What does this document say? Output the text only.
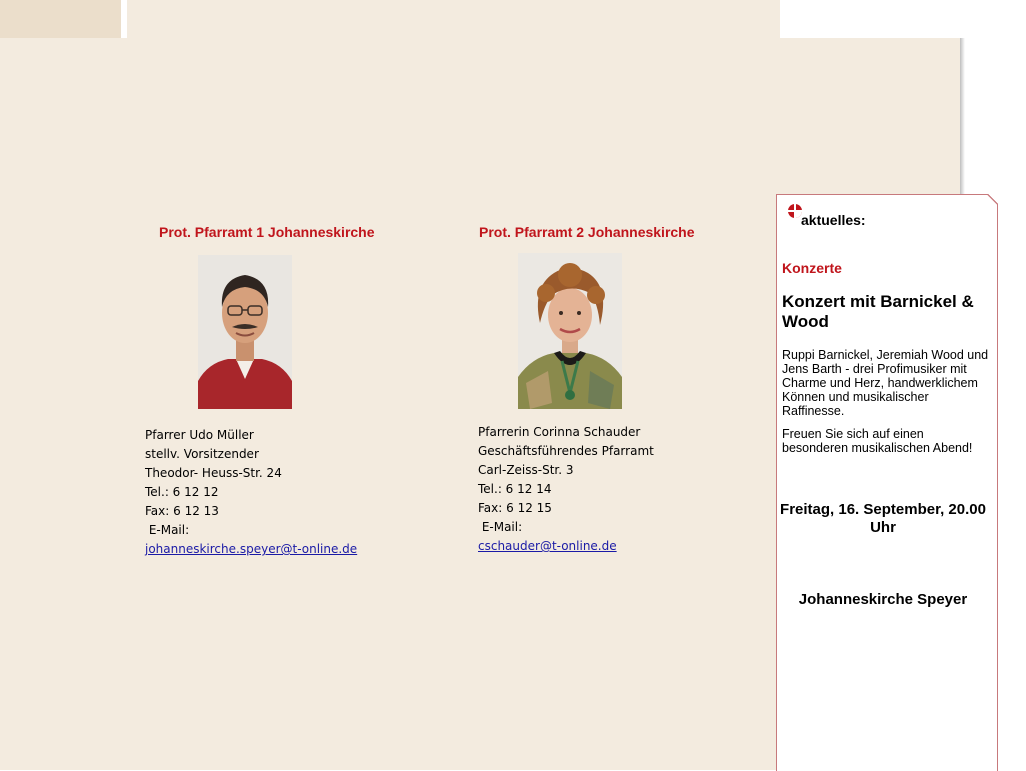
Prot. Pfarramt 1 Johanneskirche
Pfarrer Udo Müller
stellv. Vorsitzender
Theodor- Heuss-Str. 24
Tel.: 6 12 12
Fax: 6 12 13
E-Mail:
johanneskirche.speyer@t-online.de
Prot. Pfarramt 2 Johanneskirche
Pfarrerin Corinna Schauder
Geschäftsführendes Pfarramt
Carl-Zeiss-Str. 3
Tel.: 6 12 14
Fax: 6 12 15
E-Mail:
cschauder@t-online.de
aktuelles:
Konzerte
Konzert mit Barnickel & Wood
Ruppi Barnickel, Jeremiah Wood und Jens Barth - drei Profimusiker mit Charme und Herz, handwerklichem Können und musikalischer Raffinesse.
Freuen Sie sich auf einen besonderen musikalischen Abend!
Freitag, 16. September, 20.00 Uhr
Johanneskirche Speyer
